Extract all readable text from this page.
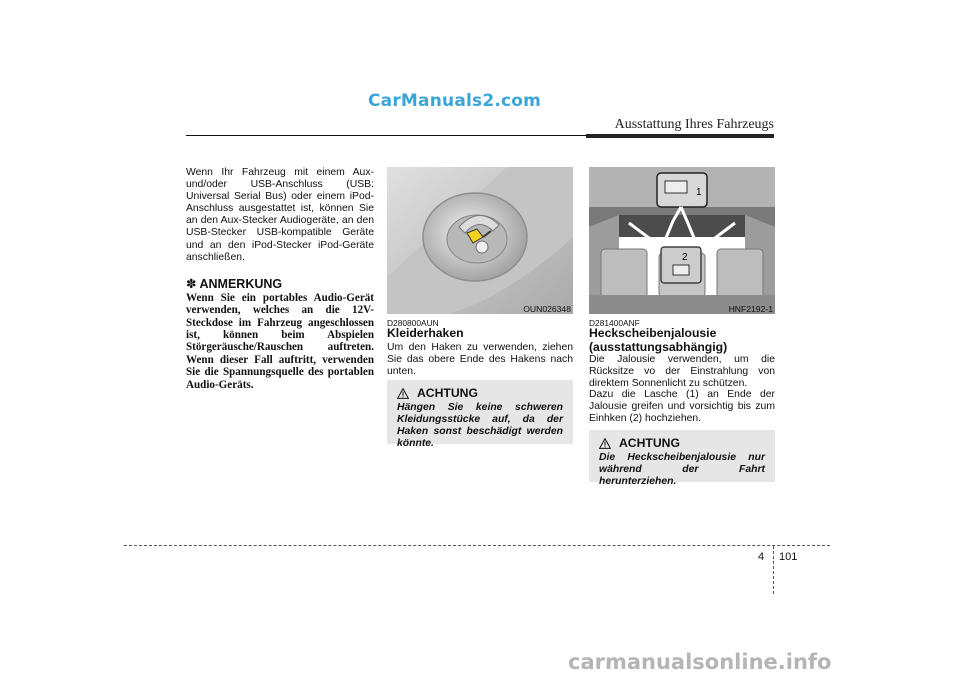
CarManuals2.com
Ausstattung Ihres Fahrzeugs
Wenn Ihr Fahrzeug mit einem Aux- und/oder USB-Anschluss (USB: Universal Serial Bus) oder einem iPod-Anschluss ausgestattet ist, können Sie an den Aux-Stecker Audiogeräte, an den USB-Stecker USB-kompatible Geräte und an den iPod-Stecker iPod-Geräte anschließen.
✽ ANMERKUNG
Wenn Sie ein portables Audio-Gerät verwenden, welches an die 12V-Steckdose im Fahrzeug angeschlossen ist, können beim Abspielen Störgeräusche/Rauschen auftreten. Wenn dieser Fall auftritt, verwenden Sie die Spannungsquelle des portablen Audio-Geräts.
OUN026348
D280800AUN
Kleiderhaken
Um den Haken zu verwenden, ziehen Sie das obere Ende des Hakens nach unten.
ACHTUNG
Hängen Sie keine schweren Kleidungsstücke auf, da der Haken sonst beschädigt werden könnte.
1
2
HNF2192-1
D281400ANF
Heckscheibenjalousie
(ausstattungsabhängig)
Die Jalousie verwenden, um die Rücksitze vo der Einstrahlung von direktem Sonnenlicht zu schützen.
Dazu die Lasche (1) an Ende der Jalousie greifen und vorsichtig bis zum Einhken (2) hochziehen.
ACHTUNG
Die Heckscheibenjalousie nur während der Fahrt herunterziehen.
4 101
carmanualsonline.info
